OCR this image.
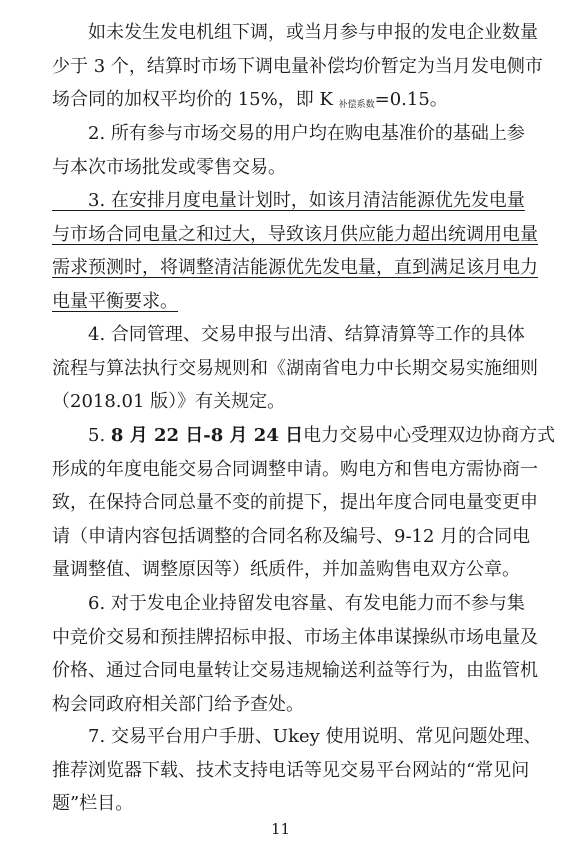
　　如未发生发电机组下调，或当月参与申报的发电企业数量
少于 3 个，结算时市场下调电量补偿均价暂定为当月发电侧市
场合同的加权平均价的 15%，即 K $_{补偿系数}$=0.15。
　　2. 所有参与市场交易的用户均在购电基准价的基础上参
与本次市场批发或零售交易。
　　3. 在安排月度电量计划时，如该月清洁能源优先发电量
与市场合同电量之和过大，导致该月供应能力超出统调用电量
需求预测时，将调整清洁能源优先发电量，直到满足该月电力
电量平衡要求。
　　4. 合同管理、交易申报与出清、结算清算等工作的具体
流程与算法执行交易规则和《湖南省电力中长期交易实施细则
（2018.01 版）》有关规定。
　　5. 8 月 22 日-8 月 24 日电力交易中心受理双边协商方式
形成的年度电能交易合同调整申请。购电方和售电方需协商一
致，在保持合同总量不变的前提下，提出年度合同电量变更申
请（申请内容包括调整的合同名称及编号、9-12 月的合同电
量调整值、调整原因等）纸质件，并加盖购售电双方公章。
　　6. 对于发电企业持留发电容量、有发电能力而不参与集
中竞价交易和预挂牌招标申报、市场主体串谋操纵市场电量及
价格、通过合同电量转让交易违规输送利益等行为，由监管机
构会同政府相关部门给予查处。
　　7. 交易平台用户手册、Ukey 使用说明、常见问题处理、
推荐浏览器下载、技术支持电话等见交易平台网站的“常见问
题”栏目。
11
